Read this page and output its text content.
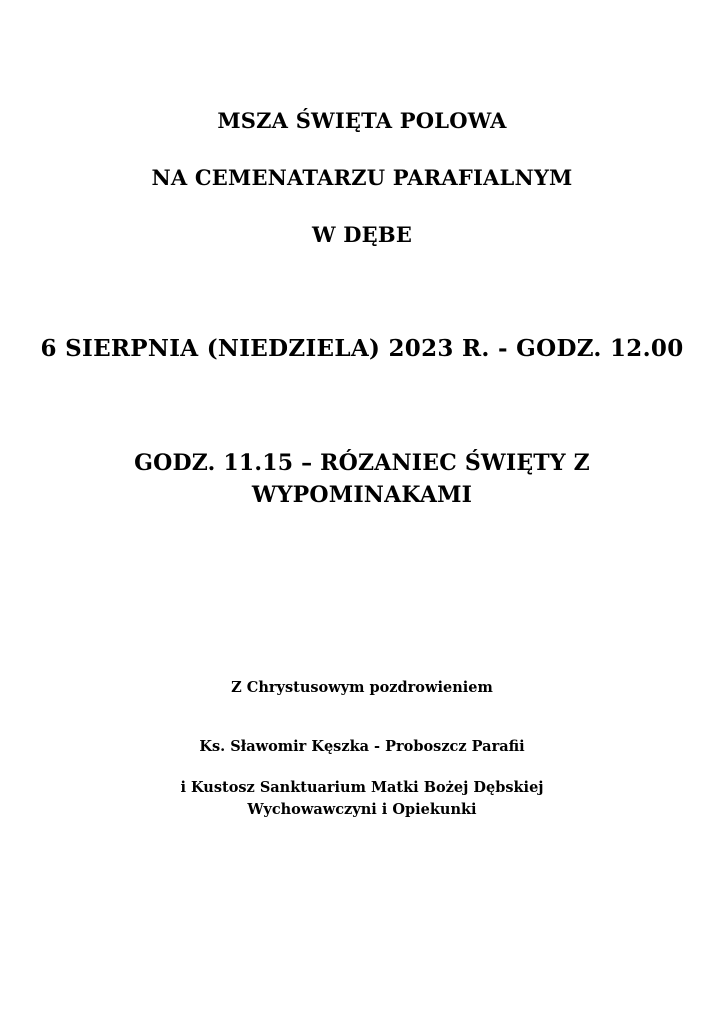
MSZA ŚWIĘTA POLOWA
NA CEMENATARZU PARAFIALNYM
W DĘBE

6 SIERPNIA (NIEDZIELA) 2023 R. - GODZ. 12.00

GODZ. 11.15 – RÓZANIEC ŚWIĘTY Z

WYPOMINAKAMI

Z Chrystusowym pozdrowieniem

Ks. Sławomir Kęszka - Proboszcz Parafii

i Kustosz Sanktuarium Matki Bożej Dębskiej

Wychowawczyni i Opiekunki
